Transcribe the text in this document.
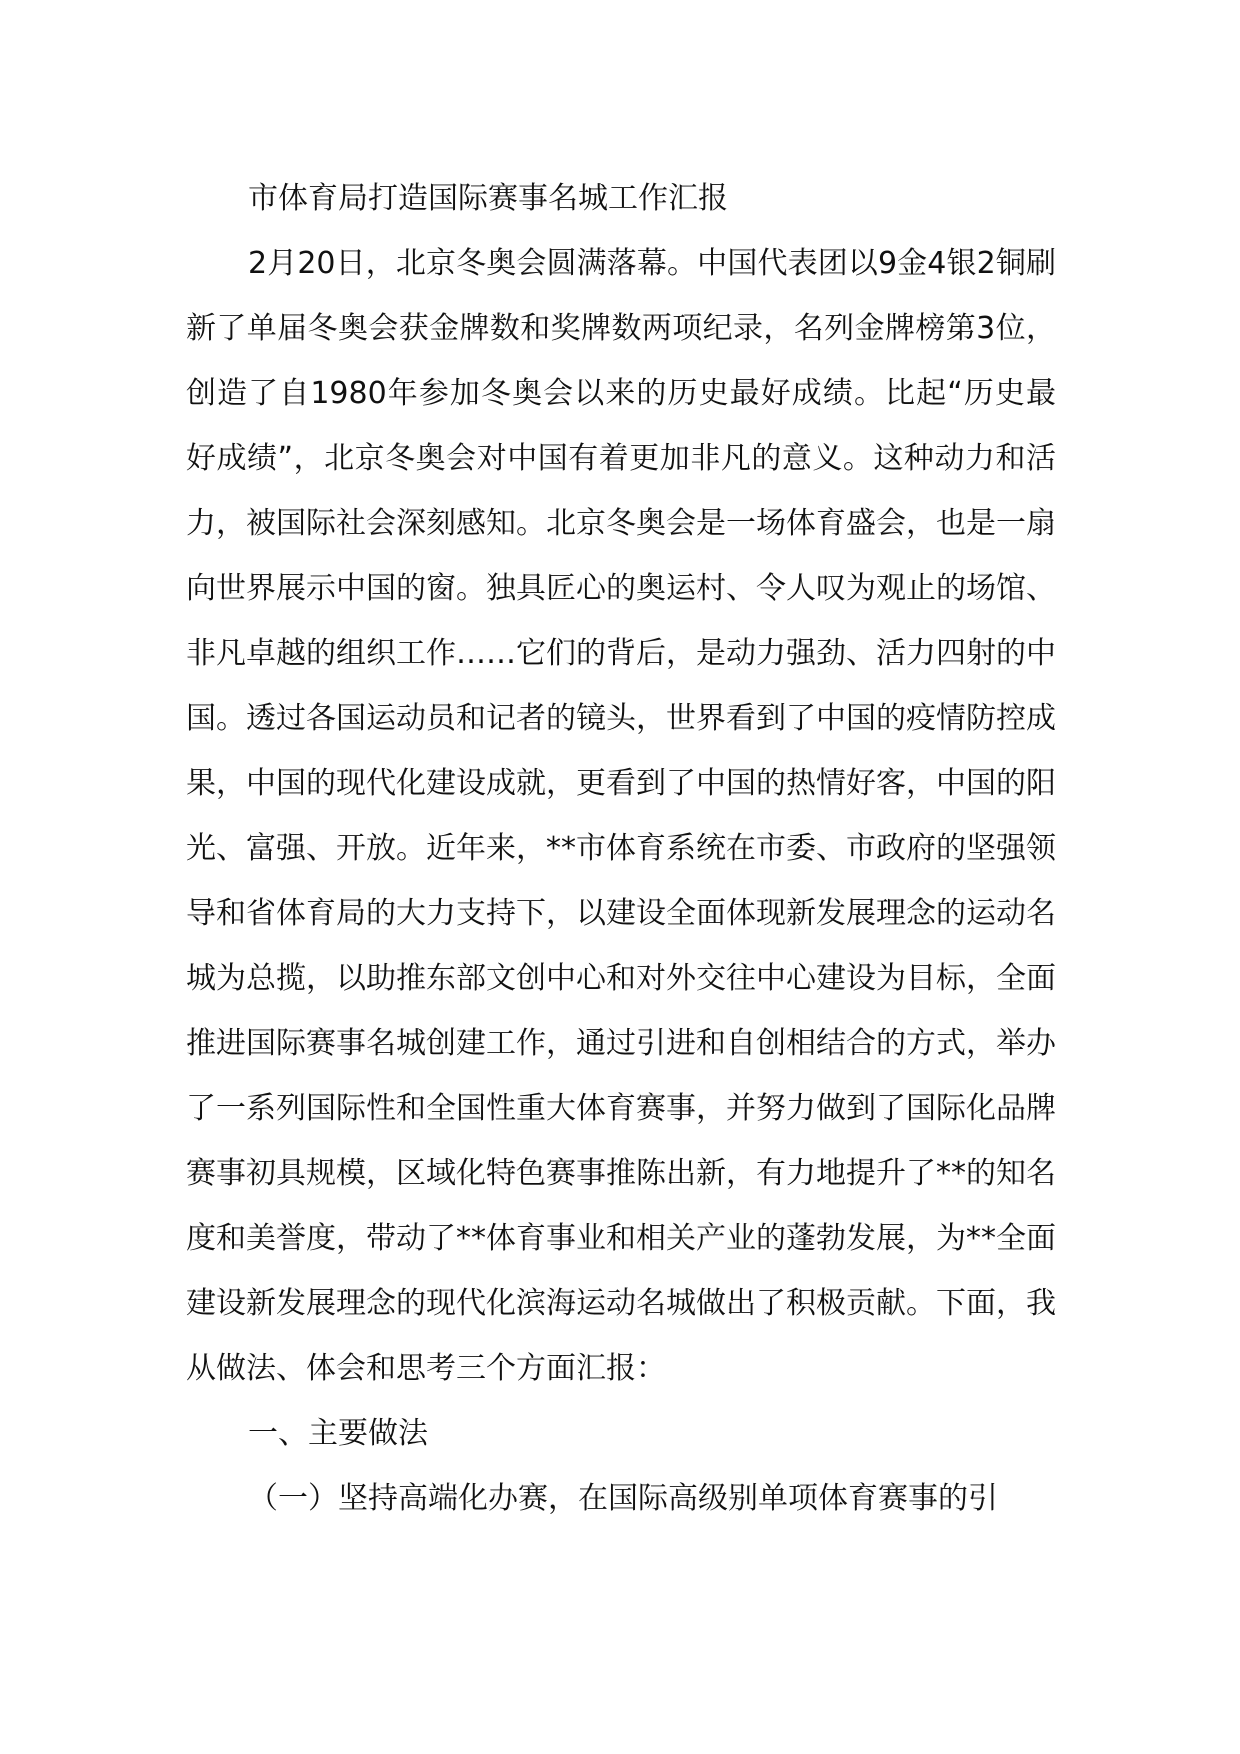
市体育局打造国际赛事名城工作汇报

2月20日，北京冬奥会圆满落幕。中国代表团以9金4银2铜刷新了单届冬奥会获金牌数和奖牌数两项纪录，名列金牌榜第3位，创造了自1980年参加冬奥会以来的历史最好成绩。比起“历史最好成绩”，北京冬奥会对中国有着更加非凡的意义。这种动力和活力，被国际社会深刻感知。北京冬奥会是一场体育盛会，也是一扇向世界展示中国的窗。独具匠心的奥运村、令人叹为观止的场馆、非凡卓越的组织工作……它们的背后，是动力强劲、活力四射的中国。透过各国运动员和记者的镜头，世界看到了中国的疫情防控成果，中国的现代化建设成就，更看到了中国的热情好客，中国的阳光、富强、开放。近年来，**市体育系统在市委、市政府的坚强领导和省体育局的大力支持下，以建设全面体现新发展理念的运动名城为总揽，以助推东部文创中心和对外交往中心建设为目标，全面推进国际赛事名城创建工作，通过引进和自创相结合的方式，举办了一系列国际性和全国性重大体育赛事，并努力做到了国际化品牌赛事初具规模，区域化特色赛事推陈出新，有力地提升了**的知名度和美誉度，带动了**体育事业和相关产业的蓬勃发展，为**全面建设新发展理念的现代化滨海运动名城做出了积极贡献。下面，我从做法、体会和思考三个方面汇报：

一、主要做法

（一）坚持高端化办赛，在国际高级别单项体育赛事的引
